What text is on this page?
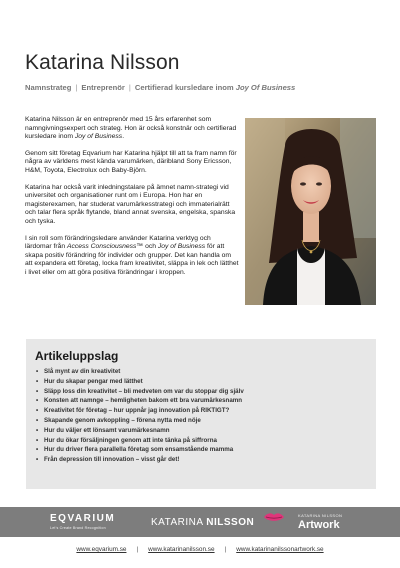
Katarina Nilsson
Namnstrateg | Entreprenör | Certifierad kursledare inom Joy Of Business

Katarina Nilsson är en entreprenör med 15 års erfarenhet som namngivningsexpert och strateg. Hon är också konstnär och certifierad kursledare inom Joy of Business.

Genom sitt företag Eqvarium har Katarina hjälpt till att ta fram namn för några av världens mest kända varumärken, däribland Sony Ericsson, H&M, Toyota, Electrolux och Baby-Björn.

Katarina har också varit inledningstalare på ämnet namn-strategi vid universitet och organisationer runt om i Europa. Hon har en magisterexamen, har studerat varumärkesstrategi och immaterialrätt och talar flera språk flytande, bland annat svenska, engelska, spanska och tyska.

I sin roll som förändringsledare använder Katarina verktyg och lärdomar från Access Consciousness™ och Joy of Business för att skapa positiv förändring för individer och grupper. Det kan handla om att expandera ett företag, locka fram kreativitet, släppa in lek och lätthet i livet eller om att göra positiva förändringar i kroppen.

Artikeluppslag
• Slå mynt av din kreativitet
• Hur du skapar pengar med lätthet
• Släpp loss din kreativitet – bli medveten om var du stoppar dig själv
• Konsten att namnge – hemligheten bakom ett bra varumärkesnamn
• Kreativitet för företag – hur uppnår jag innovation på RIKTIGT?
• Skapande genom avkoppling – förena nytta med nöje
• Hur du väljer ett lönsamt varumärkesnamn
• Hur du ökar försäljningen genom att inte tänka på siffrorna
• Hur du driver flera parallella företag som ensamstående mamma
• Från depression till innovation – visst går det!
EQVARIUM
Let's Create Brand Recognition	KATARINA NILSSON
KATARINA NILSSON
Artwork
www.eqvarium.se | www.katarinanilsson.se | www.katarinanilssonartwork.se
